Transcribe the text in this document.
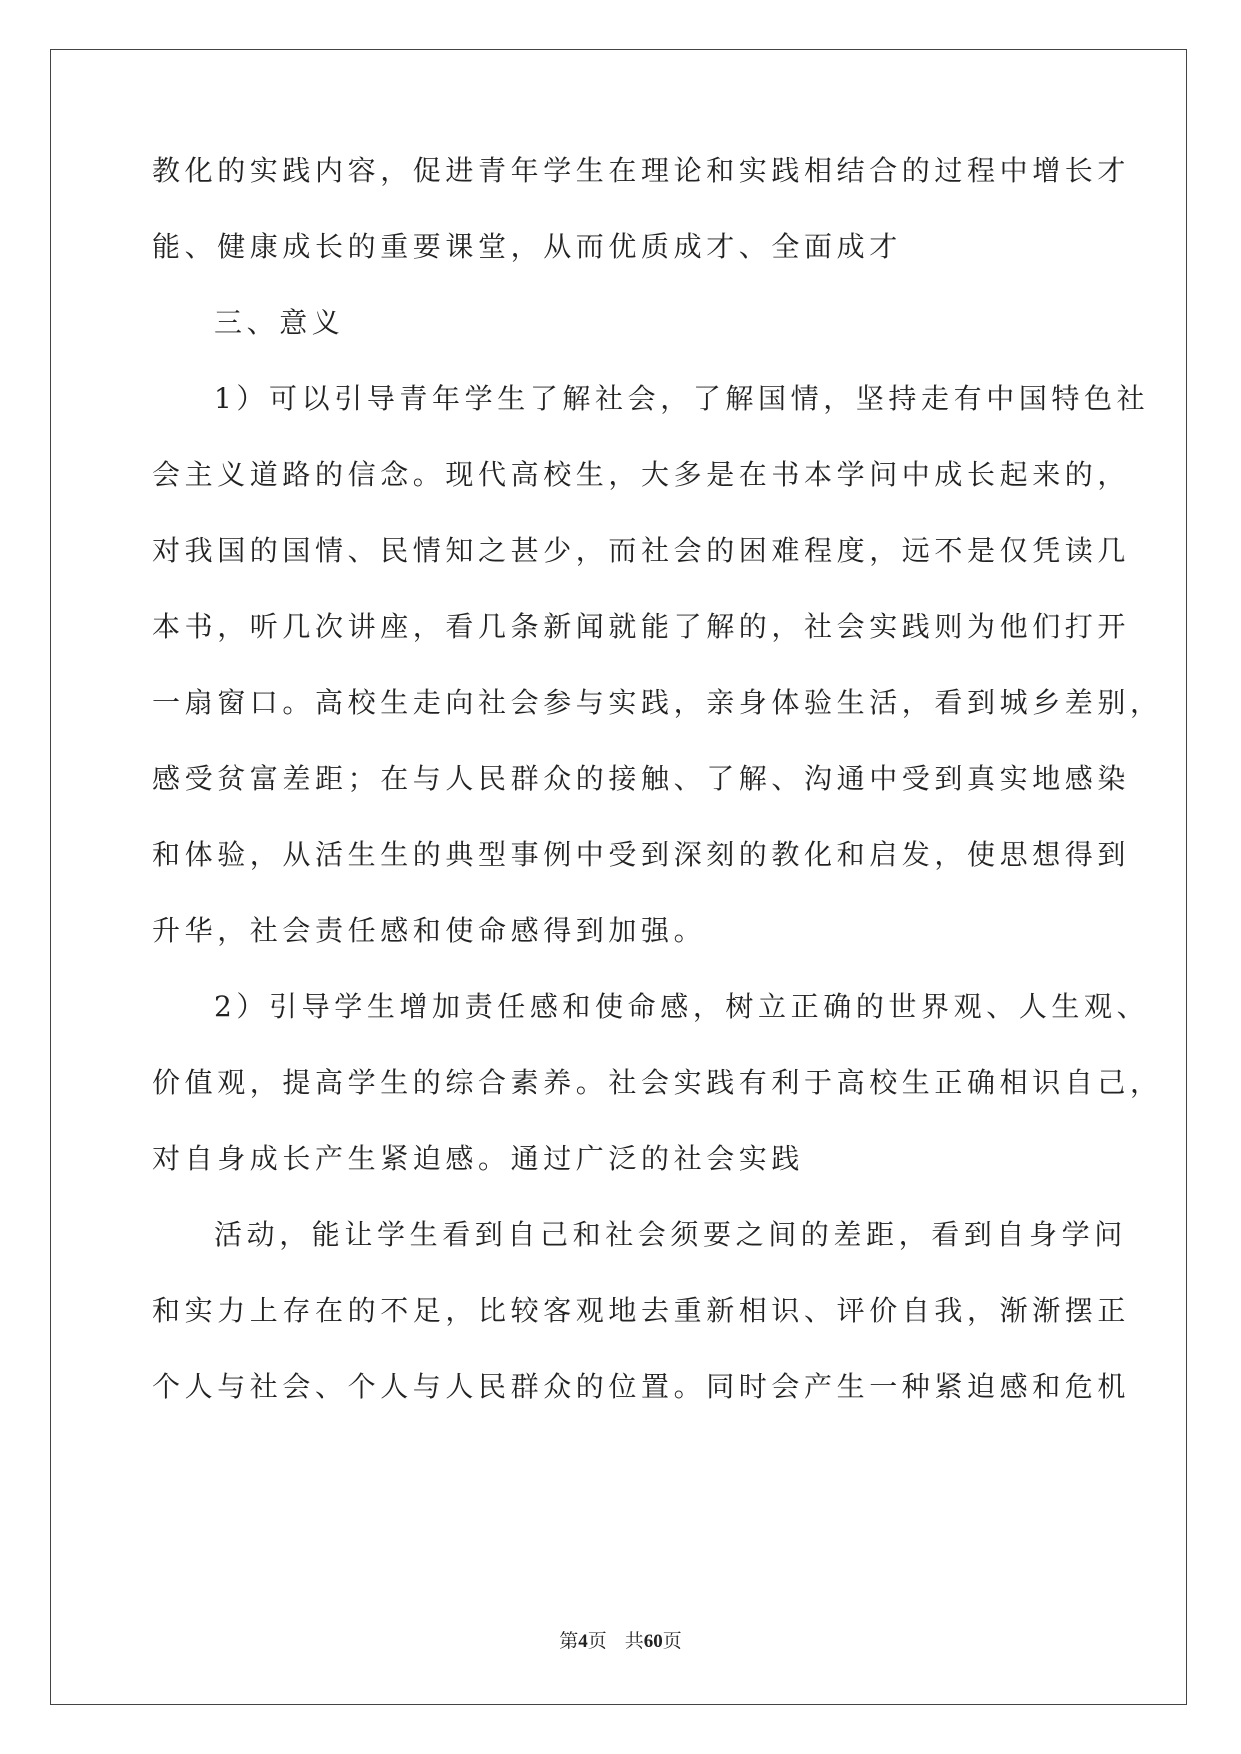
教化的实践内容，促进青年学生在理论和实践相结合的过程中增长才
能、健康成长的重要课堂，从而优质成才、全面成才
三、意义
1）可以引导青年学生了解社会，了解国情，坚持走有中国特色社
会主义道路的信念。现代高校生，大多是在书本学问中成长起来的，
对我国的国情、民情知之甚少，而社会的困难程度，远不是仅凭读几
本书，听几次讲座，看几条新闻就能了解的，社会实践则为他们打开
一扇窗口。高校生走向社会参与实践，亲身体验生活，看到城乡差别，
感受贫富差距；在与人民群众的接触、了解、沟通中受到真实地感染
和体验，从活生生的典型事例中受到深刻的教化和启发，使思想得到
升华，社会责任感和使命感得到加强。
2）引导学生增加责任感和使命感，树立正确的世界观、人生观、
价值观，提高学生的综合素养。社会实践有利于高校生正确相识自己，
对自身成长产生紧迫感。通过广泛的社会实践
活动，能让学生看到自己和社会须要之间的差距，看到自身学问
和实力上存在的不足，比较客观地去重新相识、评价自我，渐渐摆正
个人与社会、个人与人民群众的位置。同时会产生一种紧迫感和危机
第4页 共60页
